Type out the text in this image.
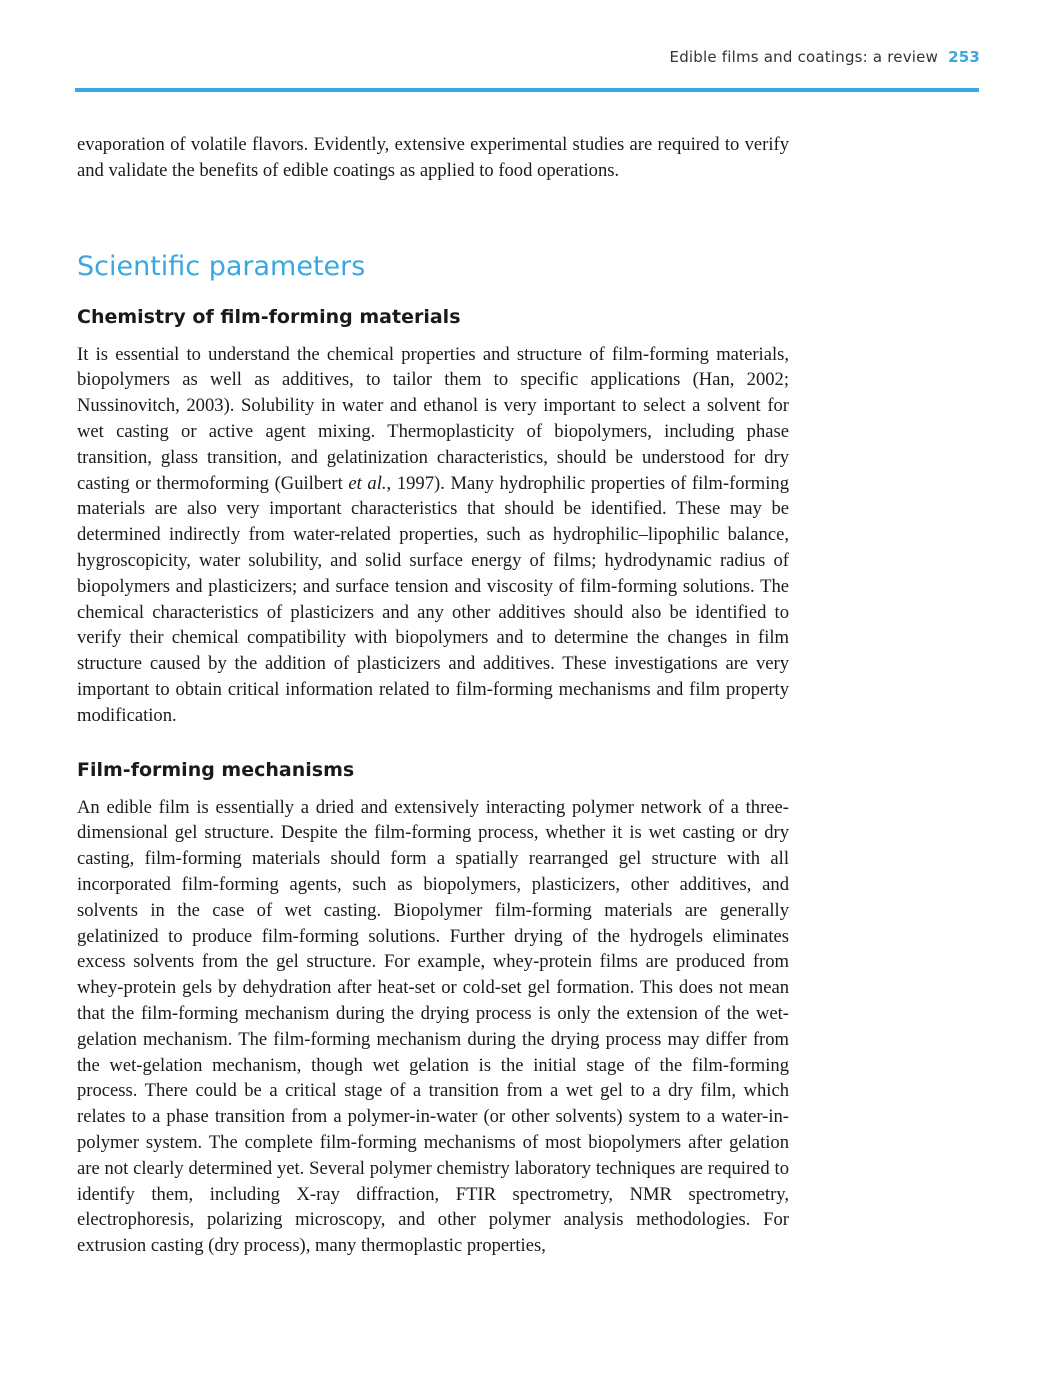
Edible films and coatings: a review 253

evaporation of volatile flavors. Evidently, extensive experimental studies are required to verify and validate the benefits of edible coatings as applied to food operations.

Scientific parameters
Chemistry of film-forming materials

It is essential to understand the chemical properties and structure of film-forming materials, biopolymers as well as additives, to tailor them to specific applications (Han, 2002; Nussinovitch, 2003). Solubility in water and ethanol is very important to select a solvent for wet casting or active agent mixing. Thermoplasticity of biopolymers, including phase transition, glass transition, and gelatinization characteristics, should be understood for dry casting or thermoforming (Guilbert et al., 1997). Many hydrophilic properties of film-forming materials are also very important characteristics that should be identified. These may be determined indirectly from water-related properties, such as hydrophilic–lipophilic balance, hygroscopicity, water solubility, and solid surface energy of films; hydrodynamic radius of biopolymers and plasticizers; and surface tension and viscosity of film-forming solutions. The chemical characteristics of plasticizers and any other additives should also be identified to verify their chemical compatibility with biopolymers and to determine the changes in film structure caused by the addition of plasticizers and additives. These investigations are very important to obtain critical information related to film-forming mechanisms and film property modification.

Film-forming mechanisms

An edible film is essentially a dried and extensively interacting polymer network of a three-dimensional gel structure. Despite the film-forming process, whether it is wet casting or dry casting, film-forming materials should form a spatially rearranged gel structure with all incorporated film-forming agents, such as biopolymers, plasticizers, other additives, and solvents in the case of wet casting. Biopolymer film-forming materials are generally gelatinized to produce film-forming solutions. Further drying of the hydrogels eliminates excess solvents from the gel structure. For example, whey-protein films are produced from whey-protein gels by dehydration after heat-set or cold-set gel formation. This does not mean that the film-forming mechanism during the drying process is only the extension of the wet-gelation mechanism. The film-forming mechanism during the drying process may differ from the wet-gelation mechanism, though wet gelation is the initial stage of the film-forming process. There could be a critical stage of a transition from a wet gel to a dry film, which relates to a phase transition from a polymer-in-water (or other solvents) system to a water-in-polymer system. The complete film-forming mechanisms of most biopolymers after gelation are not clearly determined yet. Several polymer chemistry laboratory techniques are required to identify them, including X-ray diffraction, FTIR spectrometry, NMR spectrometry, electrophoresis, polarizing microscopy, and other polymer analysis methodologies. For extrusion casting (dry process), many thermoplastic properties,
